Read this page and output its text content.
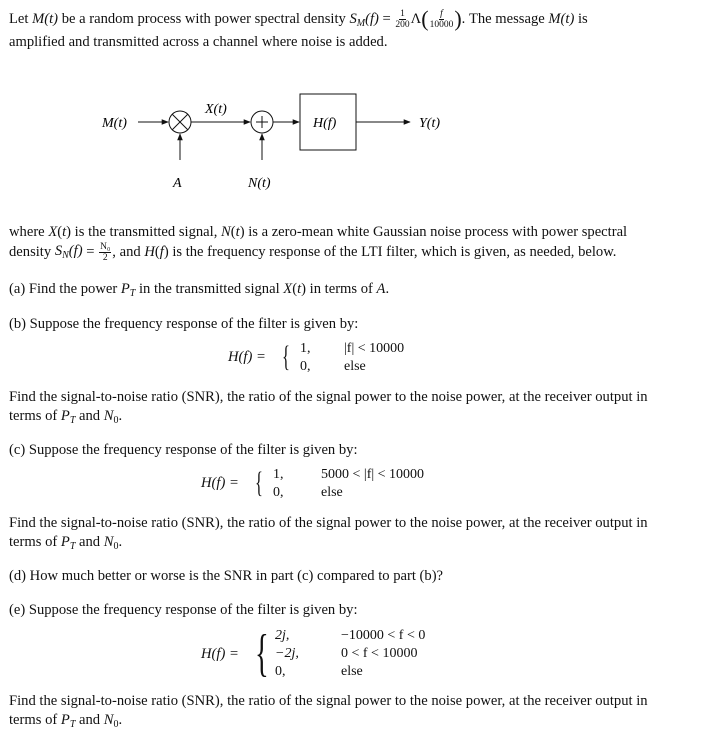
Let M(t) be a random process with power spectral density $S_M(f) = \frac{1}{200} \Lambda( \frac{f}{10000}$ ). The message M(t) is
amplified and transmitted across a channel where noise is added.
M(t)
X(t)
H(f)	Y(t)
A	N(t)
where X(t) is the transmitted signal, N(t) is a zero-mean white Gaussian noise process with power spectral
density $S_N(f) = \frac{\text{N₀}}{2}$ , and H(f) is the frequency response of the LTI filter, which is given, as needed, below.
(a) Find the power $P_T$ in the transmitted signal X(t) in terms of A.
(b) Suppose the frequency response of the filter is given by:
H(f) = { 1, |f| < 10000
0, else
Find the signal-to-noise ratio (SNR), the ratio of the signal power to the noise power, at the receiver output in
terms of $P_T$ and $N_0$.
(c) Suppose the frequency response of the filter is given by:
H(f) = { 1,	5000 < |f| < 10000
0,	else
Find the signal-to-noise ratio (SNR), the ratio of the signal power to the noise power, at the receiver output in
terms of $P_T$ and $N_0$.
(d) How much better or worse is the SNR in part (c) compared to part (b)?
(e) Suppose the frequency response of the filter is given by:
H(f) = { 2j,	−10000 < f < 0
−2j,	0 < f < 10000
0,	else
Find the signal-to-noise ratio (SNR), the ratio of the signal power to the noise power, at the receiver output in
terms of $P_T$ and $N_0$.
